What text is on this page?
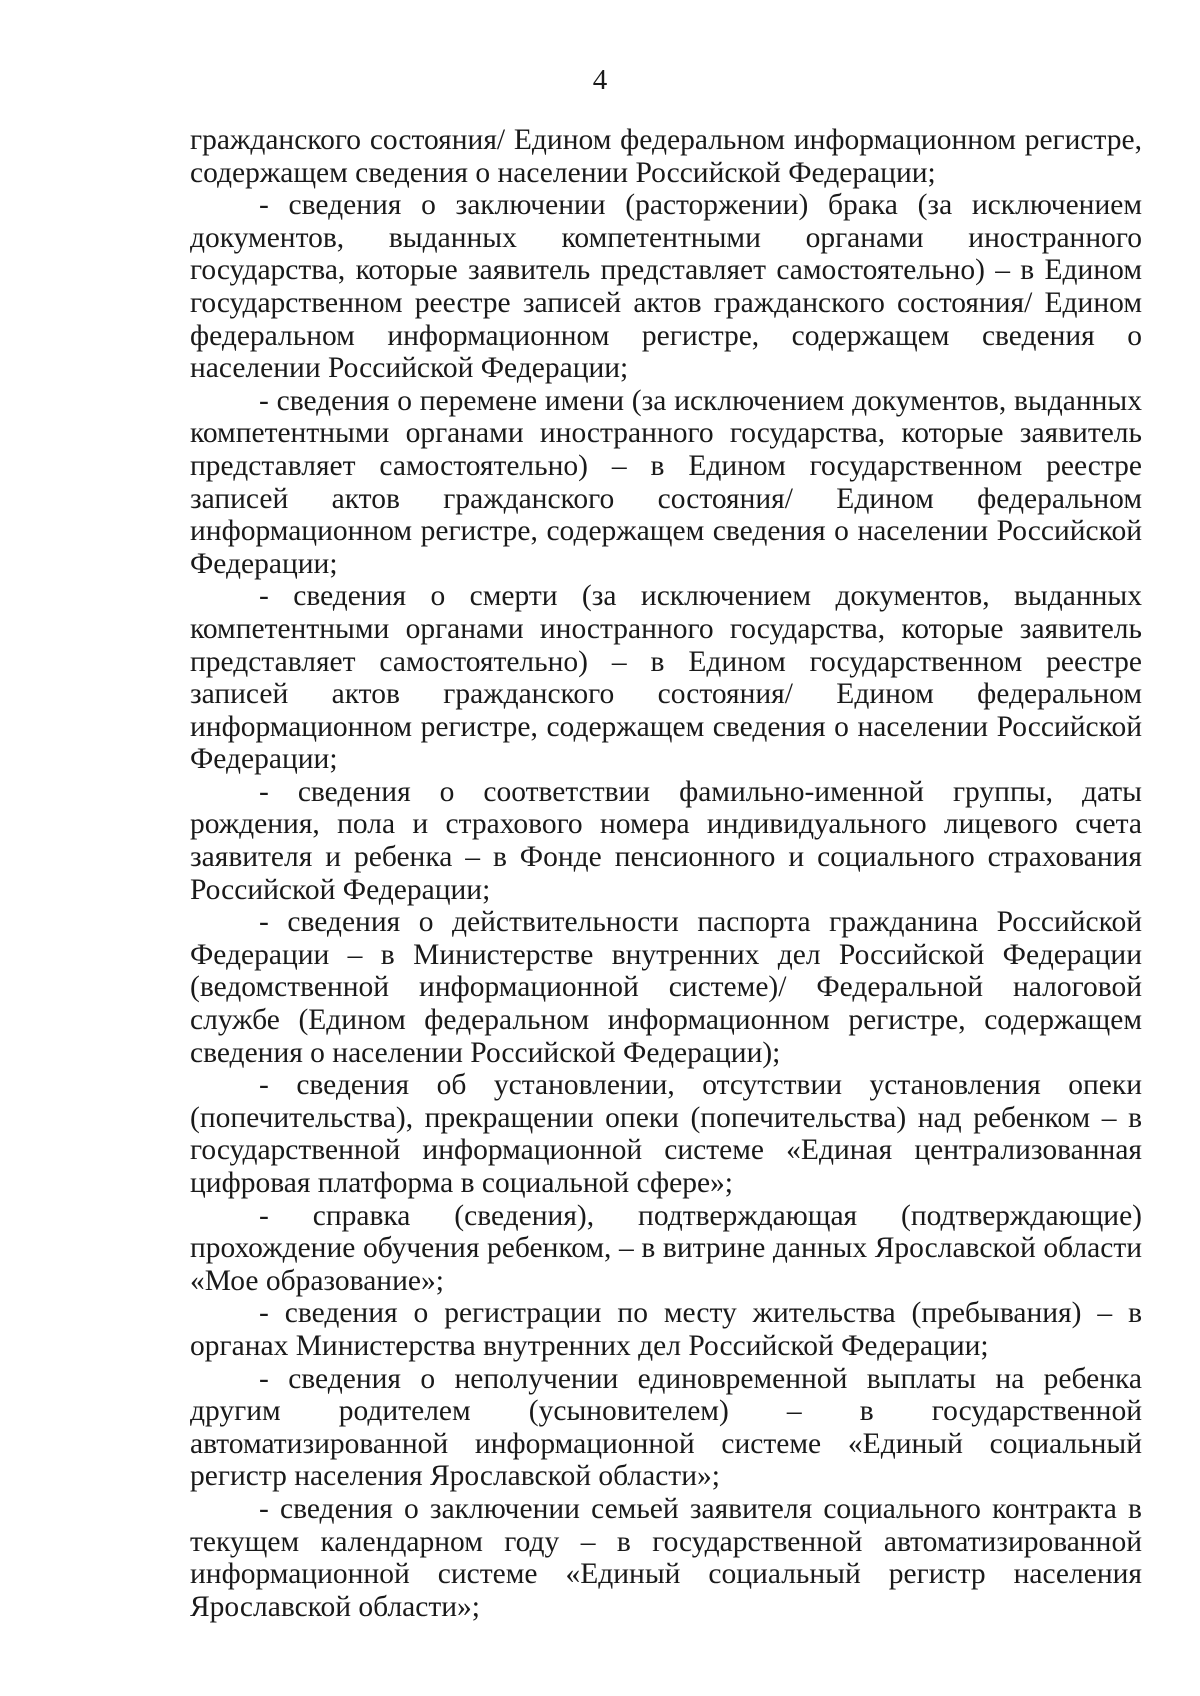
4

гражданского состояния/ Едином федеральном информационном регистре, содержащем сведения о населении Российской Федерации;

- сведения о заключении (расторжении) брака (за исключением документов, выданных компетентными органами иностранного государства, которые заявитель представляет самостоятельно) – в Едином государственном реестре записей актов гражданского состояния/ Едином федеральном информационном регистре, содержащем сведения о населении Российской Федерации;

- сведения о перемене имени (за исключением документов, выданных компетентными органами иностранного государства, которые заявитель представляет самостоятельно) – в Едином государственном реестре записей актов гражданского состояния/ Едином федеральном информационном регистре, содержащем сведения о населении Российской Федерации;

- сведения о смерти (за исключением документов, выданных компетентными органами иностранного государства, которые заявитель представляет самостоятельно) – в Едином государственном реестре записей актов гражданского состояния/ Едином федеральном информационном регистре, содержащем сведения о населении Российской Федерации;

- сведения о соответствии фамильно-именной группы, даты рождения, пола и страхового номера индивидуального лицевого счета заявителя и ребенка – в Фонде пенсионного и социального страхования Российской Федерации;

- сведения о действительности паспорта гражданина Российской Федерации – в Министерстве внутренних дел Российской Федерации (ведомственной информационной системе)/ Федеральной налоговой службе (Едином федеральном информационном регистре, содержащем сведения о населении Российской Федерации);

- сведения об установлении, отсутствии установления опеки (попечительства), прекращении опеки (попечительства) над ребенком – в государственной информационной системе «Единая централизованная цифровая платформа в социальной сфере»;

- справка (сведения), подтверждающая (подтверждающие) прохождение обучения ребенком, – в витрине данных Ярославской области «Мое образование»;

- сведения о регистрации по месту жительства (пребывания) – в органах Министерства внутренних дел Российской Федерации;

- сведения о неполучении единовременной выплаты на ребенка другим родителем (усыновителем) – в государственной автоматизированной информационной системе «Единый социальный регистр населения Ярославской области»;

- сведения о заключении семьей заявителя социального контракта в текущем календарном году – в государственной автоматизированной информационной системе «Единый социальный регистр населения Ярославской области»;
